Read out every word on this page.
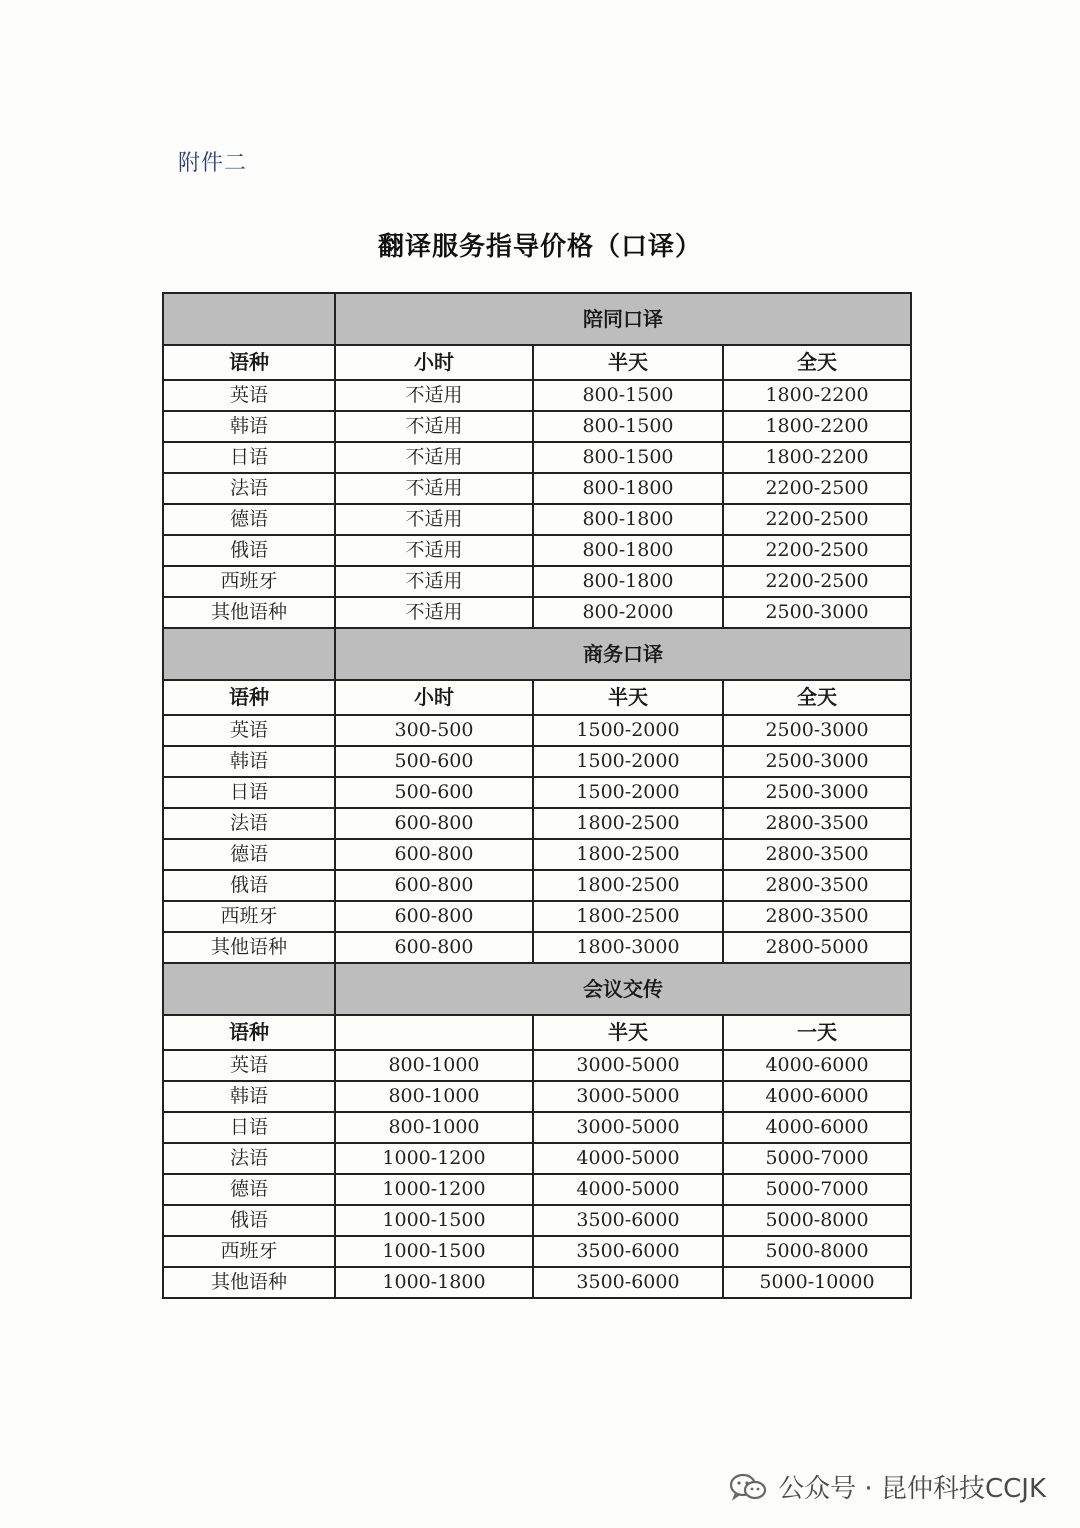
附件二
翻译服务指导价格（口译）
	陪同口译		
语种	小时	半天	全天
英语	不适用	800-1500	1800-2200
韩语	不适用	800-1500	1800-2200
日语	不适用	800-1500	1800-2200
法语	不适用	800-1800	2200-2500
德语	不适用	800-1800	2200-2500
俄语	不适用	800-1800	2200-2500
西班牙	不适用	800-1800	2200-2500
其他语种	不适用	800-2000	2500-3000
	商务口译		
语种	小时	半天	全天
英语	300-500	1500-2000	2500-3000
韩语	500-600	1500-2000	2500-3000
日语	500-600	1500-2000	2500-3000
法语	600-800	1800-2500	2800-3500
德语	600-800	1800-2500	2800-3500
俄语	600-800	1800-2500	2800-3500
西班牙	600-800	1800-2500	2800-3500
其他语种	600-800	1800-3000	2800-5000
	会议交传		
语种		半天	一天
英语	800-1000	3000-5000	4000-6000
韩语	800-1000	3000-5000	4000-6000
日语	800-1000	3000-5000	4000-6000
法语	1000-1200	4000-5000	5000-7000
德语	1000-1200	4000-5000	5000-7000
俄语	1000-1500	3500-6000	5000-8000
西班牙	1000-1500	3500-6000	5000-8000
其他语种	1000-1800	3500-6000	5000-10000
公众号 · 昆仲科技CCJK
